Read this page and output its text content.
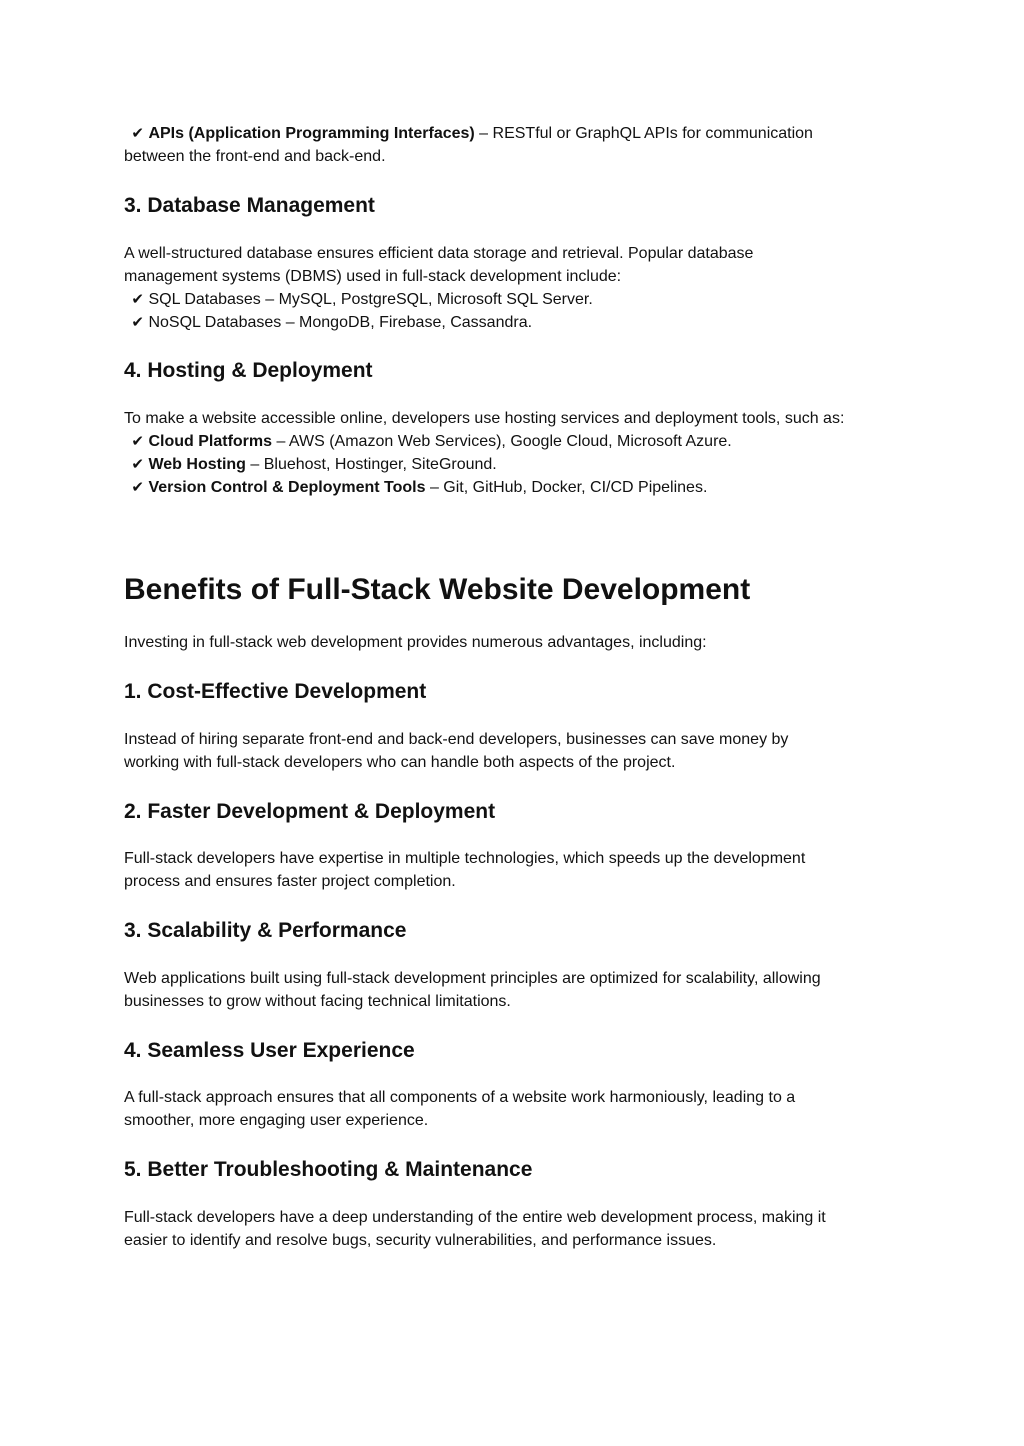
✔ APIs (Application Programming Interfaces) – RESTful or GraphQL APIs for communication
between the front-end and back-end.
3. Database Management
A well-structured database ensures efficient data storage and retrieval. Popular database
management systems (DBMS) used in full-stack development include:
✔ SQL Databases – MySQL, PostgreSQL, Microsoft SQL Server.
✔ NoSQL Databases – MongoDB, Firebase, Cassandra.
4. Hosting & Deployment
To make a website accessible online, developers use hosting services and deployment tools, such as:
✔ Cloud Platforms – AWS (Amazon Web Services), Google Cloud, Microsoft Azure.
✔ Web Hosting – Bluehost, Hostinger, SiteGround.
✔ Version Control & Deployment Tools – Git, GitHub, Docker, CI/CD Pipelines.
Benefits of Full-Stack Website Development
Investing in full-stack web development provides numerous advantages, including:
1. Cost-Effective Development
Instead of hiring separate front-end and back-end developers, businesses can save money by
working with full-stack developers who can handle both aspects of the project.
2. Faster Development & Deployment
Full-stack developers have expertise in multiple technologies, which speeds up the development
process and ensures faster project completion.
3. Scalability & Performance
Web applications built using full-stack development principles are optimized for scalability, allowing
businesses to grow without facing technical limitations.
4. Seamless User Experience
A full-stack approach ensures that all components of a website work harmoniously, leading to a
smoother, more engaging user experience.
5. Better Troubleshooting & Maintenance
Full-stack developers have a deep understanding of the entire web development process, making it
easier to identify and resolve bugs, security vulnerabilities, and performance issues.
